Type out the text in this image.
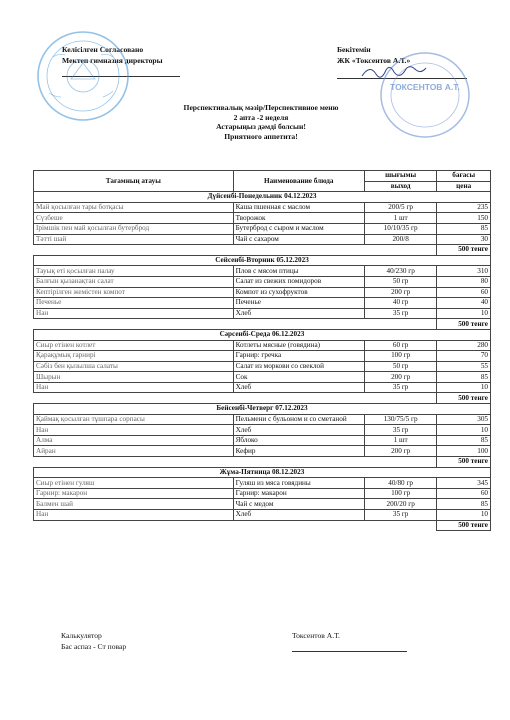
Келісілген Согласовано
Мектеп гимназия директоры
Бекітемін
ЖК «Токсентов А.Т.»
ТОКСЕНТОВ А.Т.
Перспективалық мәзір/Перспективное меню
2 апта -2 неделя
Астарыңыз дәмді болсын!
Приятного аппетита!
Тағамның атауы	Наименование блюда	шығымы	бағасы
		выход	цена
Дүйсенбі-Понедельник 04.12.2023			
Май қосылған тары ботқасы	Каша пшенная с маслом	200/5 гр	235
Сүзбеше	Творожок	1 шт	150
Ірімшік пен май қосылған бутерброд	Бутерброд с сыром и маслом	10/10/35 гр	85
Тәтті шай	Чай с сахаром	200/8	30
			500 тенге
Сейсенбі-Вторник 05.12.2023			
Тауық еті қосылған палау	Плов с мясом птицы	40/230 гр	310
Балғын қызанақтан салат	Салат из свежих помидоров	50 гр	80
Кептірілген жемістен компот	Компот из сухофруктов	200 гр	60
Печенье	Печенье	40 гр	40
Нан	Хлеб	35 гр	10
			500 тенге
Сәрсенбі-Среда 06.12.2023			
Сиыр етінен котлет	Котлеты мясные (говядина)	60 гр	280
Қарақұмық гарнирі	Гарнир: гречка	100 гр	70
Сәбіз бен қызылша салаты	Салат из моркови со свеклой	50 гр	55
Шырын	Сок	200 гр	85
Нан	Хлеб	35 гр	10
			500 тенге
Бейсенбі-Четверг 07.12.2023			
Қаймақ қосылған тұшпара сорпасы	Пельмени с бульоном и со сметаной	130/75/5 гр	305
Нан	Хлеб	35 гр	10
Алма	Яблоко	1 шт	85
Айран	Кефир	200 гр	100
			500 тенге
Жұма-Пятница 08.12.2023			
Сиыр етінен гуляш	Гуляш из мяса говядины	40/80 гр	345
Гарнир: макарон	Гарнир: макарон	100 гр	60
Балмен шай	Чай с медом	200/20 гр	85
Нан	Хлеб	35 гр	10
			500 тенге
Калькулятор
Бас аспаз - Ст повар
Токсентов А.Т.
